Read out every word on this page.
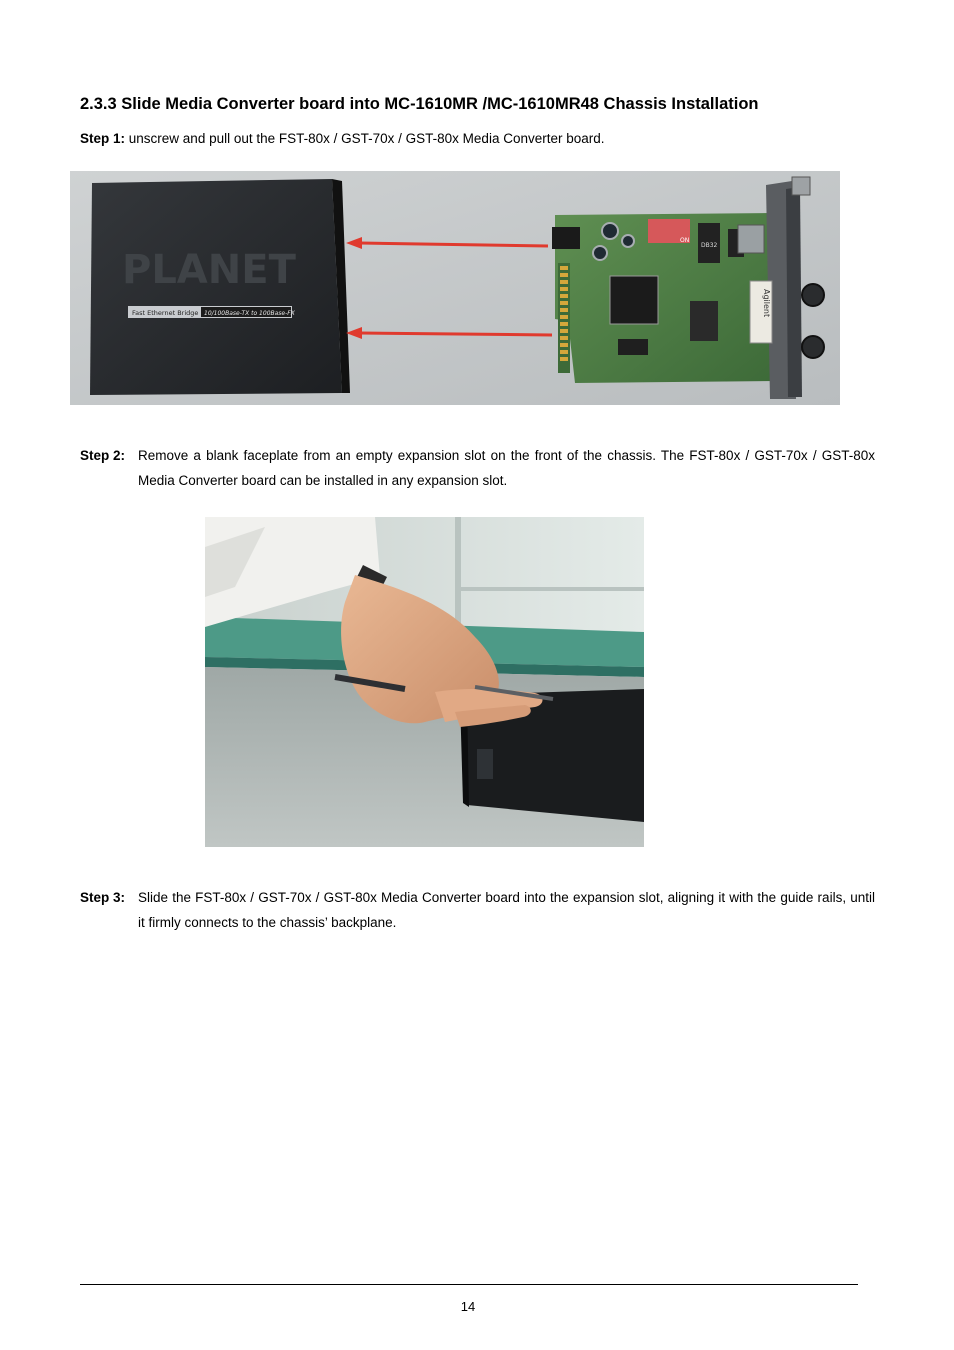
2.3.3 Slide Media Converter board into MC-1610MR /MC-1610MR48 Chassis Installation
Step 1: unscrew and pull out the FST-80x / GST-70x / GST-80x Media Converter board.
PLANET
Fast Ethernet Bridge 10/100Base-TX to 100Base-FX
ON
DB32
Agilent
Step 2: Remove a blank faceplate from an empty expansion slot on the front of the chassis. The FST-80x / GST-70x / GST-80x Media Converter board can be installed in any expansion slot.
Step 3: Slide the FST-80x / GST-70x / GST-80x Media Converter board into the expansion slot, aligning it with the guide rails, until it firmly connects to the chassis’ backplane.
14
